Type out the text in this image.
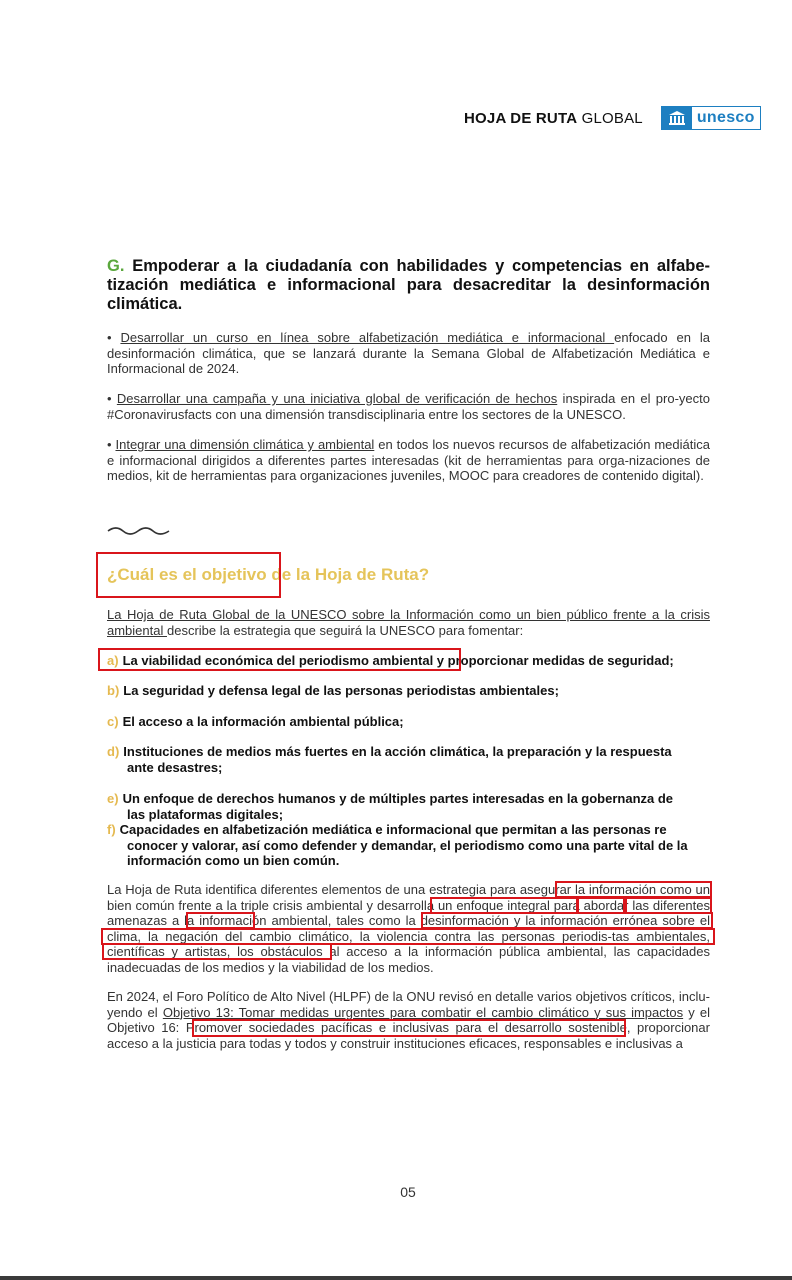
HOJA DE RUTA GLOBAL	unesco
G. Empoderar a la ciudadanía con habilidades y competencias en alfabe-tización mediática e informacional para desacreditar la desinformación climática.
• Desarrollar un curso en línea sobre alfabetización mediática e informacional enfocado en la desinformación climática, que se lanzará durante la Semana Global de Alfabetización Mediática e Informacional de 2024.
• Desarrollar una campaña y una iniciativa global de verificación de hechos inspirada en el pro-yecto #Coronavirusfacts con una dimensión transdisciplinaria entre los sectores de la UNESCO.
• Integrar una dimensión climática y ambiental en todos los nuevos recursos de alfabetización mediática e informacional dirigidos a diferentes partes interesadas (kit de herramientas para orga-nizaciones de medios, kit de herramientas para organizaciones juveniles, MOOC para creadores de contenido digital).
¿Cuál es el objetivo de la Hoja de Ruta?
La Hoja de Ruta Global de la UNESCO sobre la Información como un bien público frente a la crisis ambiental describe la estrategia que seguirá la UNESCO para fomentar:
a) La viabilidad económica del periodismo ambiental y proporcionar medidas de seguridad;
b) La seguridad y defensa legal de las personas periodistas ambientales;
c) El acceso a la información ambiental pública;
d) Instituciones de medios más fuertes en la acción climática, la preparación y la respuesta
ante desastres;
e) Un enfoque de derechos humanos y de múltiples partes interesadas en la gobernanza de
las plataformas digitales;
f) Capacidades en alfabetización mediática e informacional que permitan a las personas re
conocer y valorar, así como defender y demandar, el periodismo como una parte vital de la información como un bien común.
La Hoja de Ruta identifica diferentes elementos de una estrategia para asegurar la información como un bien común frente a la triple crisis ambiental y desarrolla un enfoque integral para abordar las diferentes amenazas a la información ambiental, tales como la desinformación y la información errónea sobre el clima, la negación del cambio climático, la violencia contra las personas periodis-tas ambientales, científicas y artistas, los obstáculos al acceso a la información pública ambiental, las capacidades inadecuadas de los medios y la viabilidad de los medios.
En 2024, el Foro Político de Alto Nivel (HLPF) de la ONU revisó en detalle varios objetivos críticos, inclu-yendo el Objetivo 13: Tomar medidas urgentes para combatir el cambio climático y sus impactos y el Objetivo 16: Promover sociedades pacíficas e inclusivas para el desarrollo sostenible, proporcionar acceso a la justicia para todas y todos y construir instituciones eficaces, responsables e inclusivas a
05
